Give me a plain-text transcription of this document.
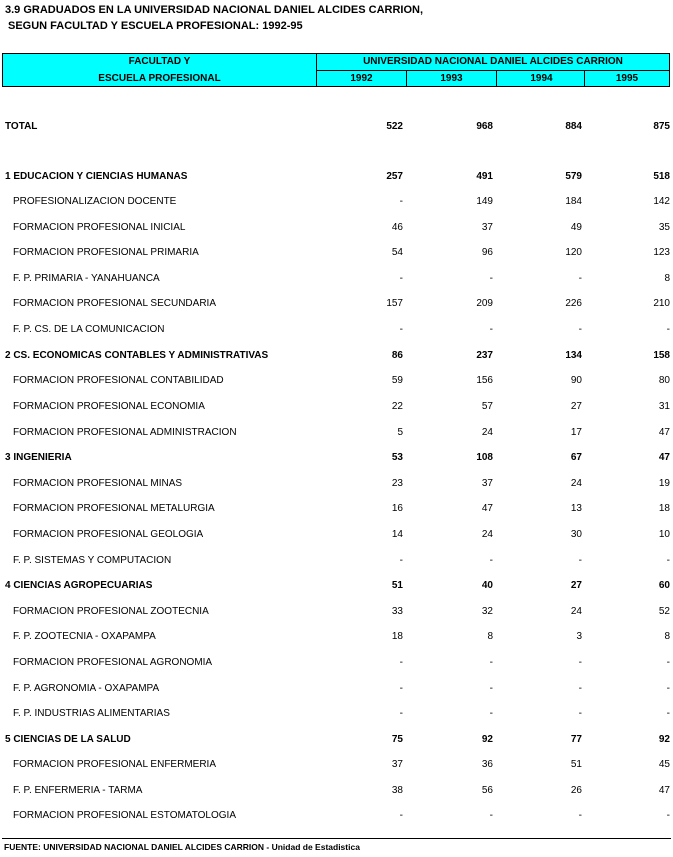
3.9 GRADUADOS EN LA UNIVERSIDAD NACIONAL DANIEL ALCIDES CARRION,
SEGUN FACULTAD Y ESCUELA PROFESIONAL: 1992-95
FACULTAD Y
ESCUELA PROFESIONAL
UNIVERSIDAD NACIONAL DANIEL ALCIDES CARRION
1992	1993	1994	1995
TOTAL	522	968	884	875
1 EDUCACION Y CIENCIAS HUMANAS	257	491	579	518
PROFESIONALIZACION DOCENTE	-	149	184	142
FORMACION PROFESIONAL INICIAL	46	37	49	35
FORMACION PROFESIONAL PRIMARIA	54	96	120	123
F. P. PRIMARIA - YANAHUANCA	-	-	-	8
FORMACION PROFESIONAL SECUNDARIA	157	209	226	210
F. P. CS. DE LA COMUNICACION	-	-	-	-
2 CS. ECONOMICAS CONTABLES Y ADMINISTRATIVAS	86	237	134	158
FORMACION PROFESIONAL CONTABILIDAD	59	156	90	80
FORMACION PROFESIONAL ECONOMIA	22	57	27	31
FORMACION PROFESIONAL ADMINISTRACION	5	24	17	47
3 INGENIERIA	53	108	67	47
FORMACION PROFESIONAL MINAS	23	37	24	19
FORMACION PROFESIONAL METALURGIA	16	47	13	18
FORMACION PROFESIONAL GEOLOGIA	14	24	30	10
F. P. SISTEMAS Y COMPUTACION	-	-	-	-
4 CIENCIAS AGROPECUARIAS	51	40	27	60
FORMACION PROFESIONAL ZOOTECNIA	33	32	24	52
F. P. ZOOTECNIA - OXAPAMPA	18	8	3	8
FORMACION PROFESIONAL AGRONOMIA	-	-	-	-
F. P. AGRONOMIA - OXAPAMPA	-	-	-	-
F. P. INDUSTRIAS ALIMENTARIAS	-	-	-	-
5 CIENCIAS DE LA SALUD	75	92	77	92
FORMACION PROFESIONAL ENFERMERIA	37	36	51	45
F. P. ENFERMERIA - TARMA	38	56	26	47
FORMACION PROFESIONAL ESTOMATOLOGIA	-	-	-	-
FUENTE: UNIVERSIDAD NACIONAL DANIEL ALCIDES CARRION - Unidad de Estadistica
